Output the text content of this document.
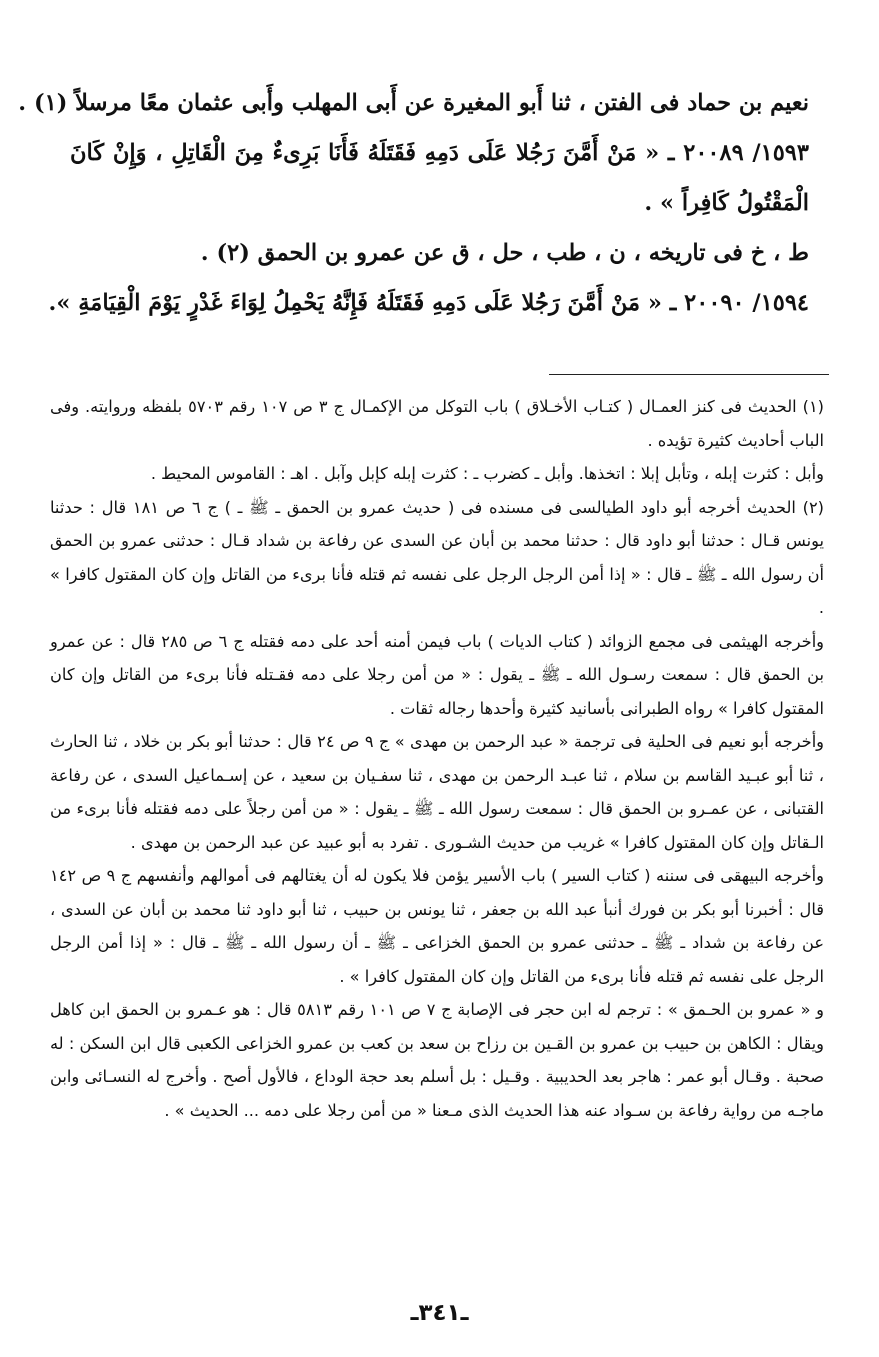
نعيم بن حماد فى الفتن ، ثنا أَبو المغيرة عن أَبى المهلب وأَبى عثمان معًا مرسلاً (١) .

١٥٩٣/ ٢٠٠٨٩ ـ « مَنْ أَمَّنَ رَجُلا عَلَى دَمِهِ فَقَتَلَهُ فَأَنَا بَرِىءٌ مِنَ الْقَاتِلِ ، وَإِنْ كَانَ الْمَقْتُولُ كَافِراً » .

ط ، خ فى تاريخه ، ن ، طب ، حل ، ق عن عمرو بن الحمق (٢) .

١٥٩٤/ ٢٠٠٩٠ ـ « مَنْ أَمَّنَ رَجُلا عَلَى دَمِهِ فَقَتَلَهُ فَإِنَّهُ يَحْمِلُ لِوَاءَ غَدْرٍ يَوْمَ الْقِيَامَةِ ».

(١) الحديث فى كنز العمـال ( كتـاب الأخـلاق ) باب التوكل من الإكمـال ج ٣ ص ١٠٧ رقم ٥٧٠٣ بلفظه وروايته. وفى الباب أحاديث كثيرة تؤيده .

وأبل : كثرت إبله ، وتأبل إبلا : اتخذها. وأبل ـ كضرب ـ : كثرت إبله كإبل وآبل . اهـ : القاموس المحيط .

(٢) الحديث أخرجه أبو داود الطيالسى فى مسنده فى ( حديث عمرو بن الحمق ـ ﷺ ـ ) ج ٦ ص ١٨١ قال : حدثنا يونس قـال : حدثنا أبو داود قال : حدثنا محمد بن أبان عن السدى عن رفاعة بن شداد قـال : حدثنى عمرو بن الحمق أن رسول الله ـ ﷺ ـ قال : « إذا أمن الرجل الرجل على نفسه ثم قتله فأنا برىء من القاتل وإن كان المقتول كافرا » .

وأخرجه الهيثمى فى مجمع الزوائد ( كتاب الديات ) باب فيمن أمنه أحد على دمه فقتله ج ٦ ص ٢٨٥ قال : عن عمرو بن الحمق قال : سمعت رسـول الله ـ ﷺ ـ يقول : « من أمن رجلا على دمه فقـتله فأنا برىء من القاتل وإن كان المقتول كافرا » رواه الطبرانى بأسانيد كثيرة وأحدها رجاله ثقات .

وأخرجه أبو نعيم فى الحلية فى ترجمة « عبد الرحمن بن مهدى » ج ٩ ص ٢٤ قال : حدثنا أبو بكر بن خلاد ، ثنا الحارث ، ثنا أبو عبـيد القاسم بن سلام ، ثنا عبـد الرحمن بن مهدى ، ثنا سفـيان بن سعيد ، عن إسـماعيل السدى ، عن رفاعة القتبانى ، عن عمـرو بن الحمق قال : سمعت رسول الله ـ ﷺ ـ يقول : « من أمن رجلاً على دمه فقتله فأنا برىء من الـقاتل وإن كان المقتول كافرا » غريب من حديث الشـورى . تفرد به أبو عبيد عن عبد الرحمن بن مهدى .

وأخرجه البيهقى فى سننه ( كتاب السير ) باب الأسير يؤمن فلا يكون له أن يغتالهم فى أموالهم وأنفسهم ج ٩ ص ١٤٢ قال : أخبرنا أبو بكر بن فورك أنبأ عبد الله بن جعفر ، ثنا يونس بن حبيب ، ثنا أبو داود ثنا محمد بن أبان عن السدى ، عن رفاعة بن شداد ـ ﷺ ـ حدثنى عمرو بن الحمق الخزاعى ـ ﷺ ـ أن رسول الله ـ ﷺ ـ قال : « إذا أمن الرجل الرجل على نفسه ثم قتله فأنا برىء من القاتل وإن كان المقتول كافرا » .

و « عمرو بن الحـمق » : ترجم له ابن حجر فى الإصابة ج ٧ ص ١٠١ رقم ٥٨١٣ قال : هو عـمرو بن الحمق ابن كاهل ويقال : الكاهن بن حبيب بن عمرو بن القـين بن رزاح بن سعد بن كعب بن عمرو الخزاعى الكعبى قال ابن السكن : له صحبة . وقـال أبو عمر : هاجر بعد الحديبية . وقـيل : بل أسلم بعد حجة الوداع ، فالأول أصح . وأخرج له النسـائى وابن ماجـه من رواية رفاعة بن سـواد عنه هذا الحديث الذى مـعنا « من أمن رجلا على دمه ... الحديث » .

ـ٣٤١ـ
